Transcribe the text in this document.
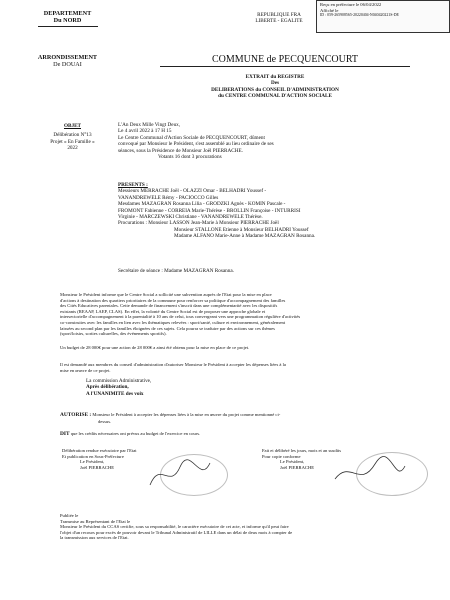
DEPARTEMENT
Du NORD
ARRONDISSEMENT
De DOUAI
REPUBLIQUE FRA
LIBERTE - EGALITE
Reçu en préfecture le 06/04/2022
Affiché le
ID : 059-265908565-20220404-N040420221S-DE
COMMUNE de PECQUENCOURT
EXTRAIT du REGISTRE
Des
DELIBERATIONS du CONSEIL D'ADMINISTRATION
du CENTRE COMMUNAL D'ACTION SOCIALE
OBJET
Délibération N°13
Projet « En Famille »
2022
L'An Deux Mille Vingt Deux,
Le 4 avril 2022 à 17 H 15
Le Centre Communal d'Action Sociale de PECQUENCOURT, dûment
convoqué par Monsieur le Président, s'est assemblé au lieu ordinaire de ses
séances, sous la Présidence de Monsieur Joël PIERRACHE.
Votants 16 dont 3 procurations
PRESENTS :
Messieurs MERRACHE Joël - OLAZZI Omar - BELHADRI Youssef -
VANANDREWELE Rémy - PACIOCCO Gilles
Mesdames MAZAGRAN Rosanna Lilia - GRODZKI Agnès - KOMIN Pascale -
FROMONT Fabienne - CORREIA Marie-Thérèse - BROLLIN Françoise - INTURRISI
Virginie - MARCZEWSKI Christiane - VANANDREWELE Thérèse.
Procurations : Monsieur LASSON Jean-Marie à Monsieur PIERRACHE Joël
Monsieur STALLONE Etienne à Monsieur BELHADRI Youssef
Madame ALFANO Marie-Anne à Madame MAZAGRAN Rosanna.
Secrétaire de séance : Madame MAZAGRAN Rosanna.
Monsieur le Président informe que le Centre Social a sollicité une subvention auprès de l'Etat pour la mise en place
d'actions à destination des quartiers prioritaires de la commune pour renforcer sa politique d'accompagnement des familles
des Cités Educatives parentales. Cette demande de financement s'inscrit dans une complémentarité avec les dispositifs
existants (REAAP, LAEP, CLAS). En effet, la volonté du Centre Social est de proposer une approche globale et
intersectorielle d'accompagnement à la parentalité à 10 ans de celui, tous convergeant vers une programmation régulière d'activités
co-construites avec les familles en lien avec les thématiques relevées : sport/santé, culture et environnement, généralement
laissées au second plan par les familles éloignées de ces sujets. Cela pourra se traduire par des actions sur ces thèmes
(sport/loisirs, sorties culturelles, des événements sportifs).
Un budget de 28 000€ pour une action de 28 000€ a ainsi été obtenu pour la mise en place de ce projet.
Il est demandé aux membres du conseil d'administration d'autoriser Monsieur le Président à accepter les dépenses liées à la
mise en œuvre de ce projet.
La commission Administrative,
Après délibération,
A l'UNANIMITE des voix
AUTORISE : Monsieur le Président à accepter les dépenses liées à la mise en œuvre du projet comme mentionné ci-
dessus.
DIT que les crédits nécessaires ont prévus au budget de l'exercice en cours.
Délibération rendue exécutoire par l'Etat
Et publication en Sous-Préfecture
Le Président,
Joël PIERRACHE
Fait et délibéré les jours, mois et an susdits
Pour copie conforme
Le Président,
Joël PIERRACHE
Publiée le
Transmise au Représentant de l'Etat le
Monsieur le Président du CCAS certifie, sous sa responsabilité, le caractère exécutoire de cet acte, et informe qu'il peut faire
l'objet d'un recours pour excès de pouvoir devant le Tribunal Administratif de LILLE dans un délai de deux mois à compter de
la transmission aux services de l'Etat.
